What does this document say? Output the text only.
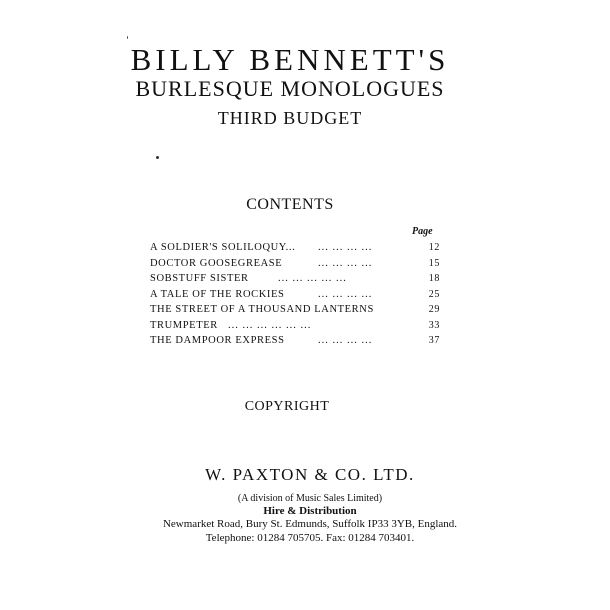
BILLY BENNETT'S
BURLESQUE MONOLOGUES
THIRD BUDGET
CONTENTS
Page
A SOLDIER'S SOLILOQUY... ... ... ... ...	12
DOCTOR GOOSEGREASE	... ... ... ...	15
SOBSTUFF SISTER	... ... ... ... ...	18
A TALE OF THE ROCKIES	... ... ... ...	25
THE STREET OF A THOUSAND LANTERNS	29
TRUMPETER ... ... ... ... ... ...	33
THE DAMPOOR EXPRESS	... ... ... ...	37
COPYRIGHT
W. PAXTON & CO. LTD.
(A division of Music Sales Limited)
Hire & Distribution
Newmarket Road, Bury St. Edmunds, Suffolk IP33 3YB, England.
Telephone: 01284 705705. Fax: 01284 703401.
